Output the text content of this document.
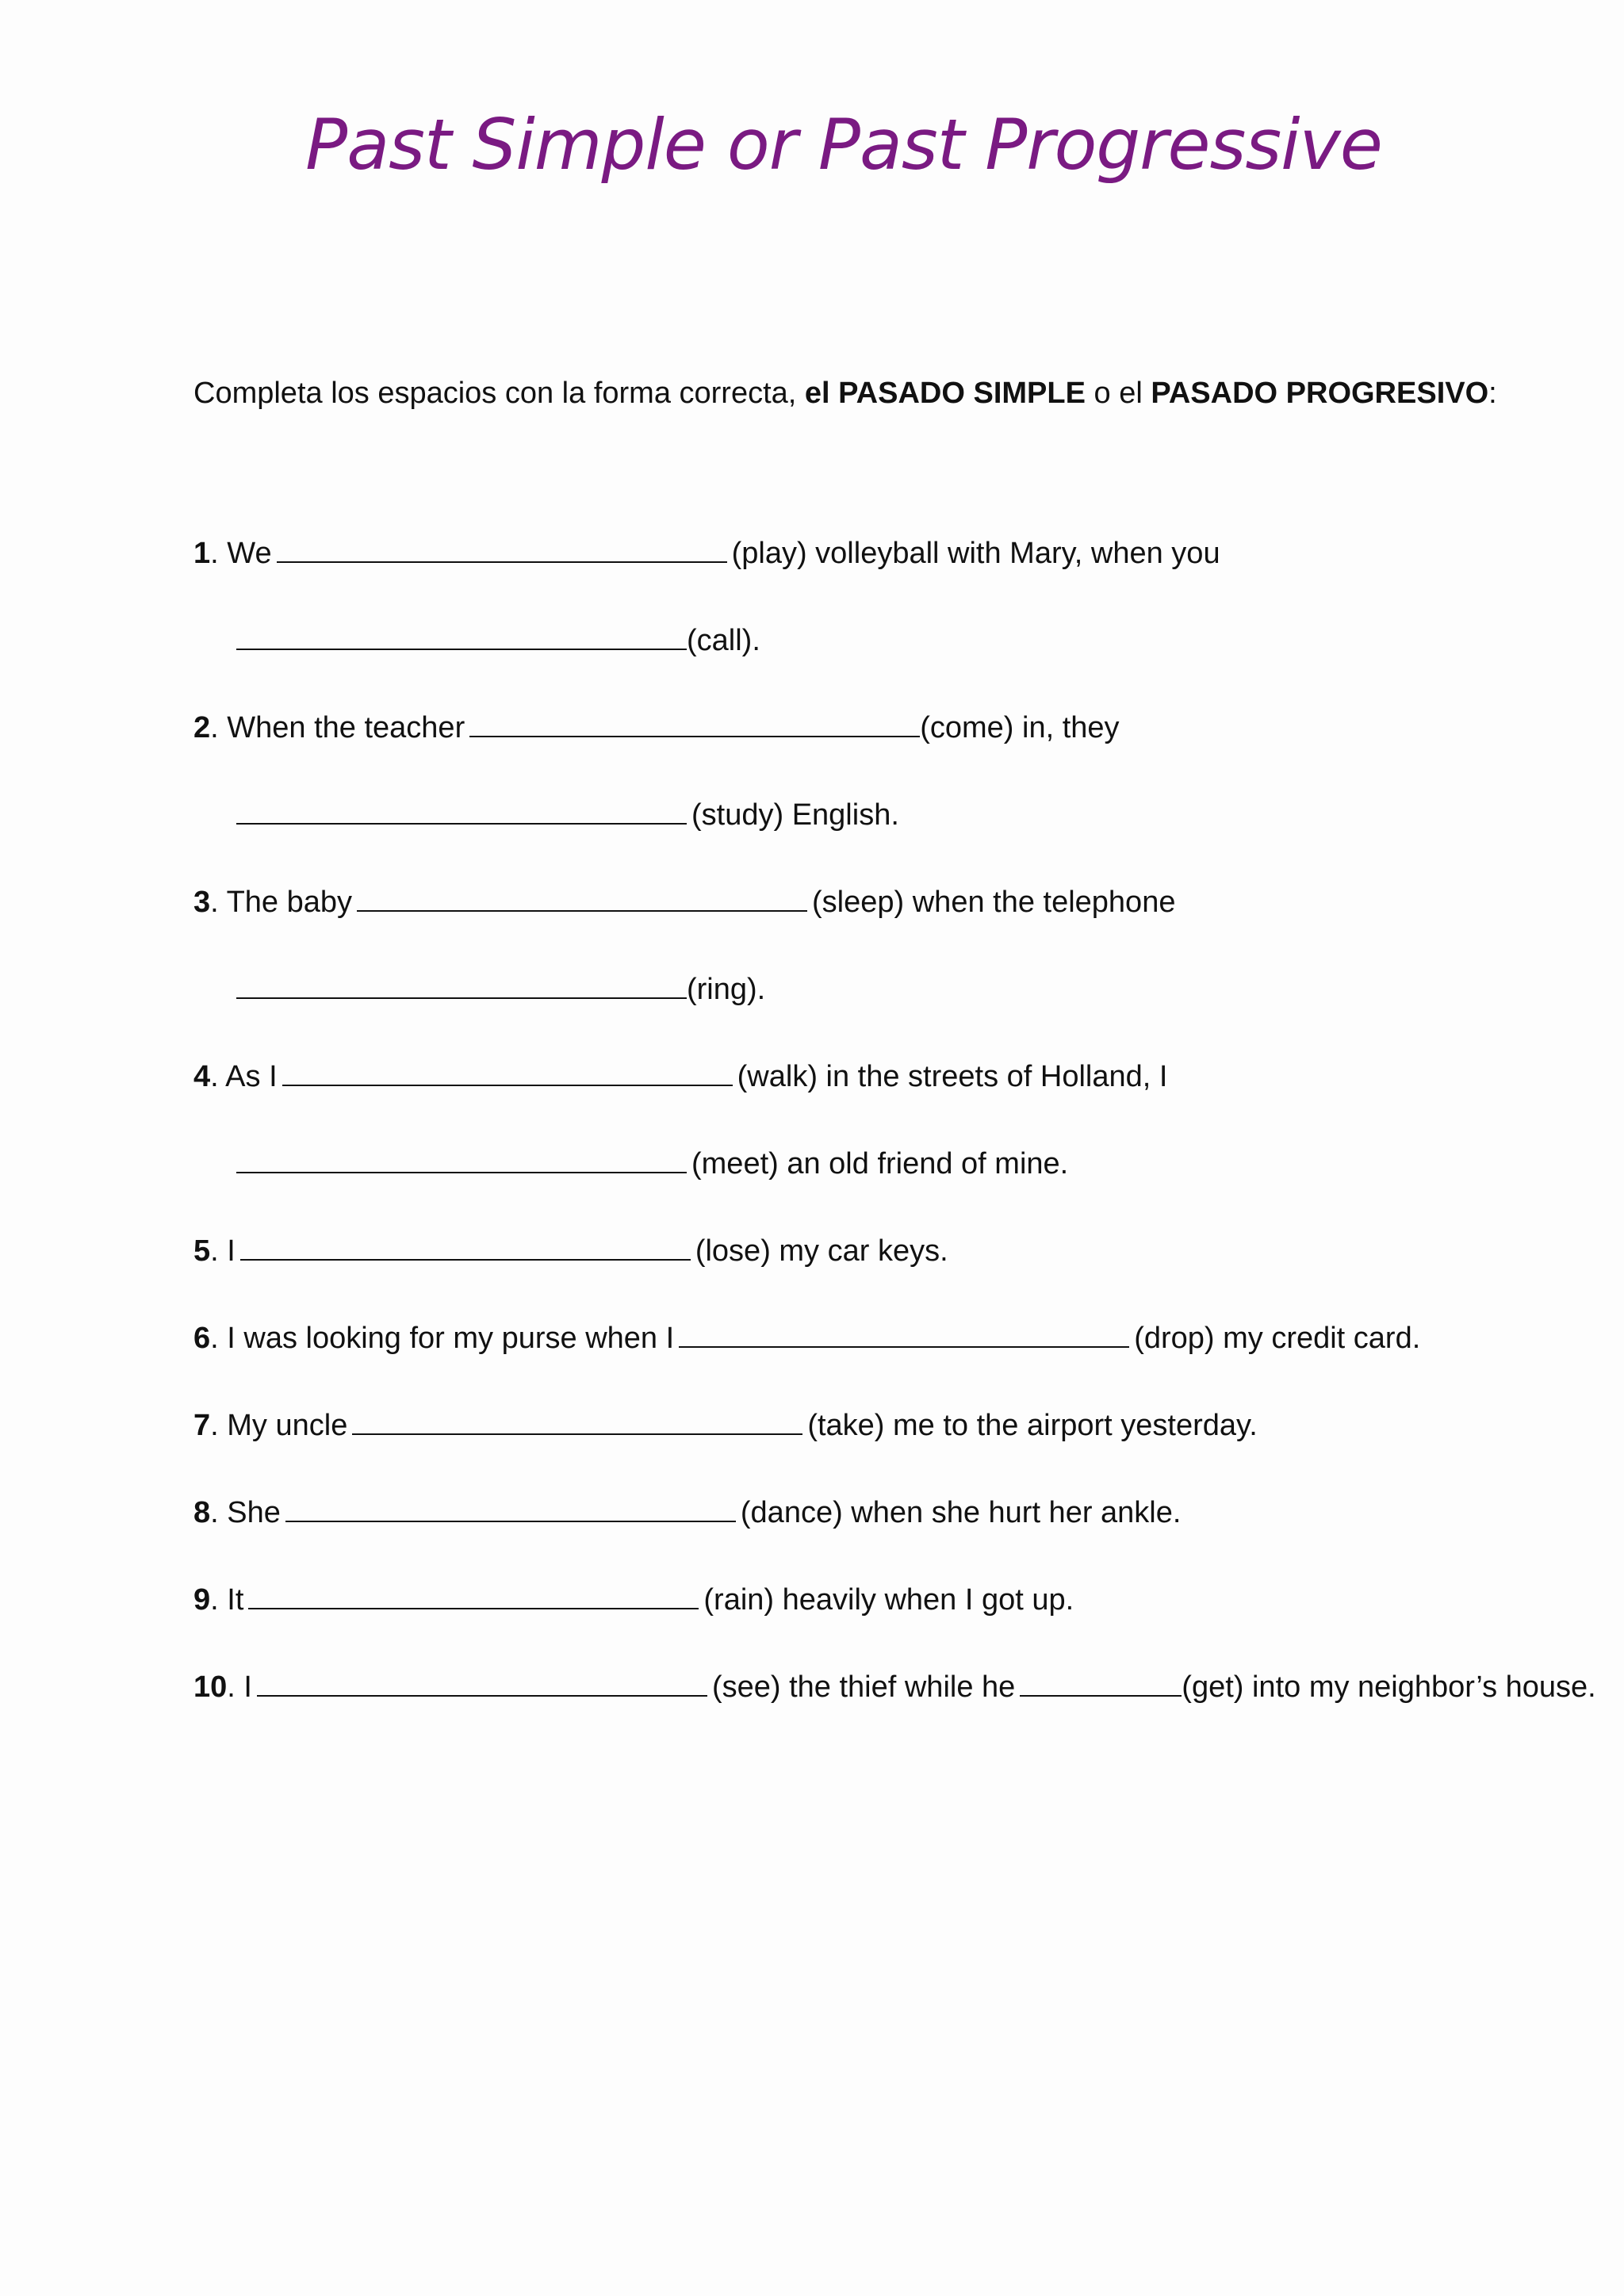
Past Simple or Past Progressive
Completa los espacios con la forma correcta, el PASADO SIMPLE o el PASADO PROGRESIVO:
1. We	(play) volleyball with Mary, when you
(call).
2. When the teacher	(come) in, they
(study) English.
3. The baby	(sleep) when the telephone
(ring).
4. As I	(walk) in the streets of Holland, I
(meet) an old friend of mine.
5. I	(lose) my car keys.
6. I was looking for my purse when I	(drop) my credit card.
7. My uncle	(take) me to the airport yesterday.
8. She	(dance) when she hurt her ankle.
9. It	(rain) heavily when I got up.
10. I	(see) the thief while he	(get) into my neighbor’s house.
